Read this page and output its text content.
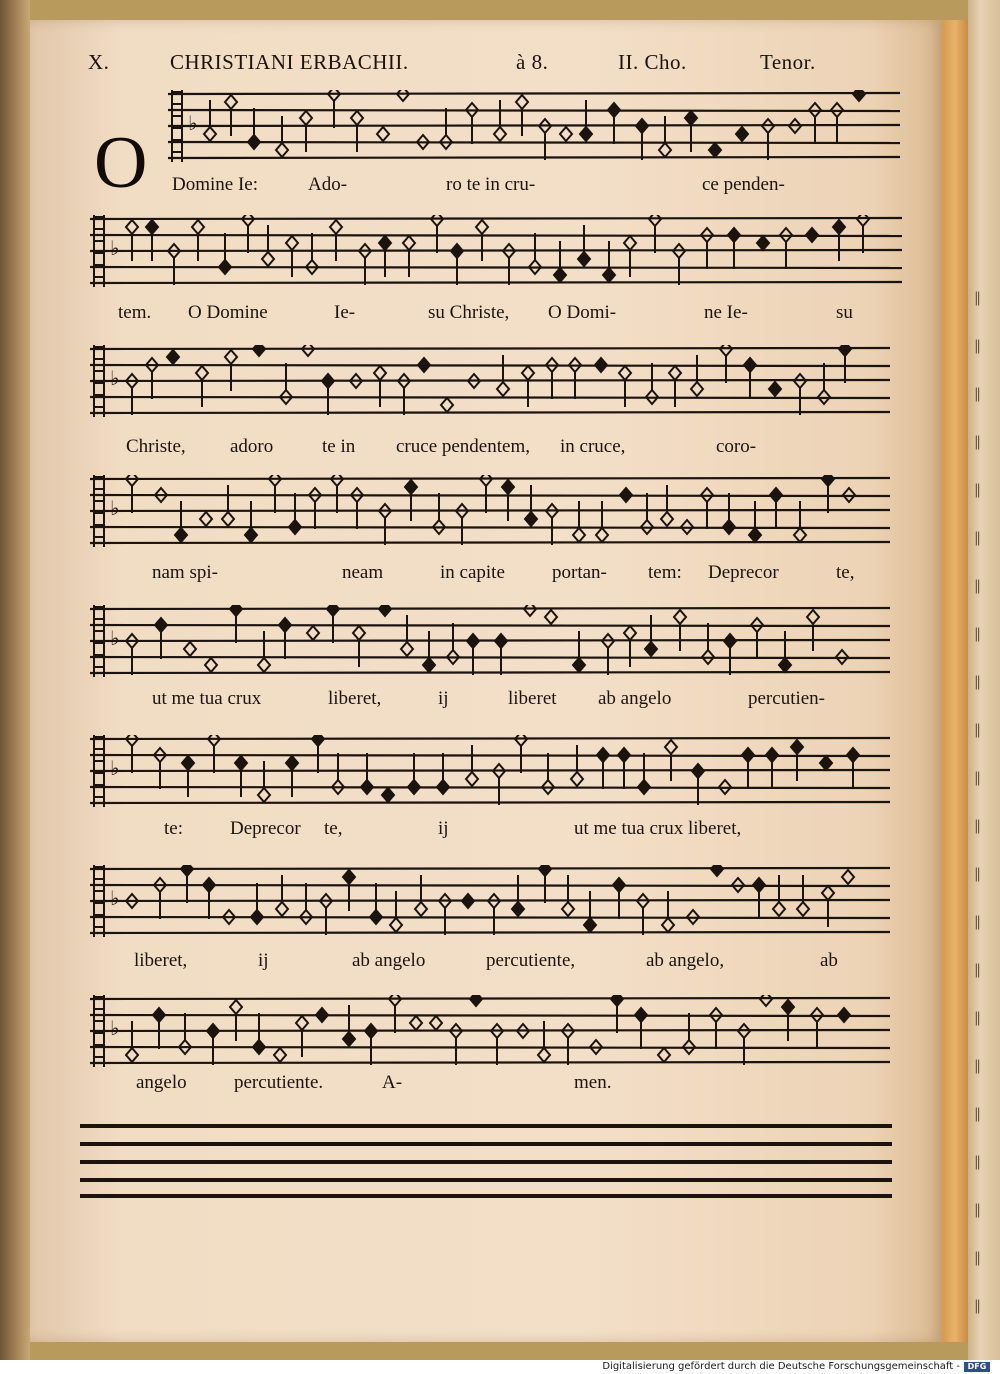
‖
‖
‖
‖
‖
‖
‖
‖
‖
‖
‖
‖
‖
‖
‖
‖
‖
‖
‖
‖
‖
‖
X.	CHRISTIANI ERBACHII.	à 8.	II. Cho.	Tenor.
O	♭
Domine Ie:	Ado-	ro te in cru-	ce penden-
♭
tem. O Domine	Ie-	su Christe, O Domi-	ne Ie-	su
♭
Christe, adoro	te in cruce pendentem, in cruce,	coro-
♭
nam spi-	neam	in capite portan- tem: Deprecor	te,
♭
ut me tua crux	liberet,	ij	liberet ab angelo	percutien-
♭
te: Deprecor te,	ij	ut me tua crux liberet,
♭
liberet,	ij	ab angelo	percutiente,	ab angelo,	ab
♭
angelo percutiente.	A-	men.
Digitalisierung gefördert durch die Deutsche Forschungsgemeinschaft - DFG
